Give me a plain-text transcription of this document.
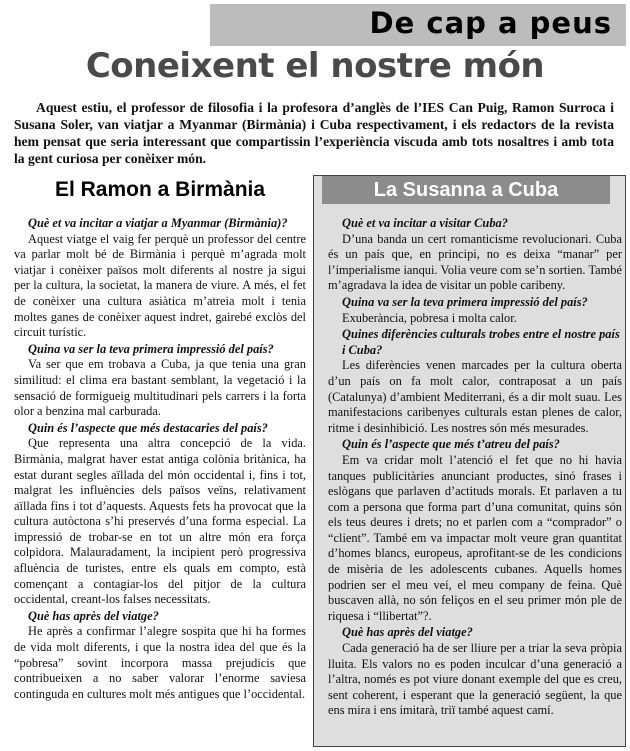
De cap a peus
Coneixent el nostre món

Aquest estiu, el professor de filosofia i la profesora d’anglès de l’IES Can Puig, Ramon Surroca i Susana Soler, van viatjar a Myanmar (Birmània) i Cuba respectivament, i els redactors de la revista hem pensat que seria interessant que compartissin l’experiència viscuda amb tots nosaltres i amb tota la gent curiosa per conèixer món.

El Ramon a Birmània

Què et va incitar a viatjar a Myanmar (Birmània)?

Aquest viatge el vaig fer perquè un professor del centre va parlar molt bé de Birmània i perquè m’agrada molt viatjar i conèixer països molt diferents al nostre ja sigui per la cultura, la societat, la manera de viure. A més, el fet de conèixer una cultura asiàtica m’atreia molt i tenia moltes ganes de conèixer aquest indret, gairebé exclòs del circuit turístic.

Quina va ser la teva primera impressió del país?

Va ser que em trobava a Cuba, ja que tenia una gran similitud: el clima era bastant semblant, la vegetació i la sensació de formigueig multitudinari pels carrers i la forta olor a benzina mal carburada.

Quin és l’aspecte que més destacaries del país?

Que representa una altra concepció de la vida. Birmània, malgrat haver estat antiga colònia britànica, ha estat durant segles aïllada del món occidental i, fins i tot, malgrat les influències dels països veïns, relativament aïllada fins i tot d’aquests. Aquests fets ha provocat que la cultura autòctona s’hi preservés d’una forma especial. La impressió de trobar-se en tot un altre món era força colpidora. Malauradament, la incipient però progressiva afluència de turistes, entre els quals em compto, està començant a contagiar-los del pitjor de la cultura occidental, creant-los falses necessitats.

Què has après del viatge?

He après a confirmar l’alegre sospita que hi ha formes de vida molt diferents, i que la nostra idea del que és la “pobresa” sovint incorpora massa prejudicis que contribueixen a no saber valorar l’enorme saviesa continguda en cultures molt més antigues que l’occidental.

La Susanna a Cuba

Què et va incitar a visitar Cuba?

D’una banda un cert romanticisme revolucionari. Cuba és un país que, en principi, no es deixa “manar” per l’imperialisme ianqui. Volia veure com se’n sortien. També m’agradava la idea de visitar un poble caribeny.

Quina va ser la teva primera impressió del país?

Exuberància, pobresa i molta calor.

Quines diferències culturals trobes entre el nostre país i Cuba?

Les diferències venen marcades per la cultura oberta d’un país on fa molt calor, contraposat a un país (Catalunya) d’ambient Mediterrani, és a dir molt suau. Les manifestacions caribenyes culturals estan plenes de calor, ritme i desinhibició. Les nostres són més mesurades.

Quin és l’aspecte que més t’atreu del país?

Em va cridar molt l’atenció el fet que no hi havia tanques publicitàries anunciant productes, sinó frases i eslògans que parlaven d’actituds morals. Et parlaven a tu com a persona que forma part d’una comunitat, quins són els teus deures i drets; no et parlen com a “comprador” o “client”. També em va impactar molt veure gran quantitat d’homes blancs, europeus, aprofitant-se de les condicions de misèria de les adolescents cubanes. Aquells homes podrien ser el meu veí, el meu company de feina. Què buscaven allà, no són feliços en el seu primer món ple de riquesa i “llibertat”?.

Què has après del viatge?

Cada generació ha de ser lliure per a triar la seva pròpia lluita. Els valors no es poden inculcar d’una generació a l’altra, només es pot viure donant exemple del que es creu, sent coherent, i esperant que la generació següent, la que ens mira i ens imitarà, triï també aquest camí.
